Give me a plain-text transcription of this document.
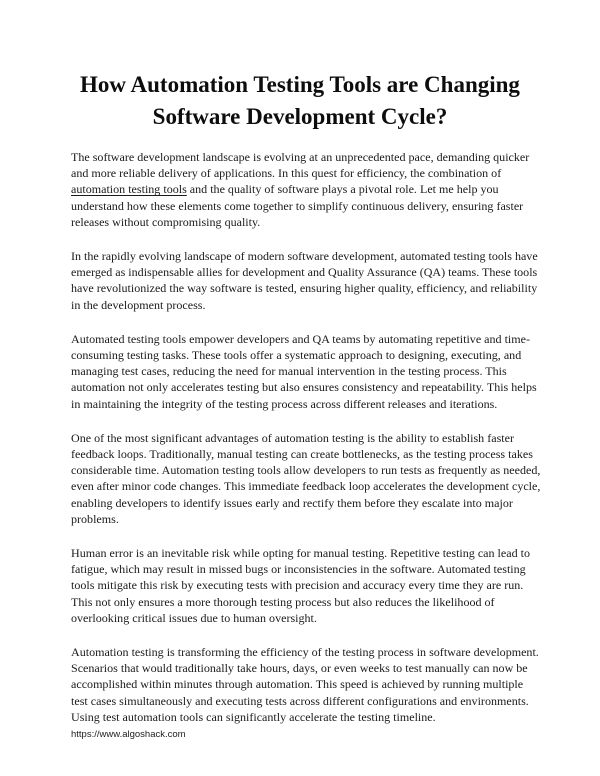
How Automation Testing Tools are Changing
Software Development Cycle?

The software development landscape is evolving at an unprecedented pace, demanding quicker
and more reliable delivery of applications. In this quest for efficiency, the combination of
automation testing tools and the quality of software plays a pivotal role. Let me help you
understand how these elements come together to simplify continuous delivery, ensuring faster
releases without compromising quality.

In the rapidly evolving landscape of modern software development, automated testing tools have
emerged as indispensable allies for development and Quality Assurance (QA) teams. These tools
have revolutionized the way software is tested, ensuring higher quality, efficiency, and reliability
in the development process.

Automated testing tools empower developers and QA teams by automating repetitive and time-
consuming testing tasks. These tools offer a systematic approach to designing, executing, and
managing test cases, reducing the need for manual intervention in the testing process. This
automation not only accelerates testing but also ensures consistency and repeatability. This helps
in maintaining the integrity of the testing process across different releases and iterations.

One of the most significant advantages of automation testing is the ability to establish faster
feedback loops. Traditionally, manual testing can create bottlenecks, as the testing process takes
considerable time. Automation testing tools allow developers to run tests as frequently as needed,
even after minor code changes. This immediate feedback loop accelerates the development cycle,
enabling developers to identify issues early and rectify them before they escalate into major
problems.

Human error is an inevitable risk while opting for manual testing. Repetitive testing can lead to
fatigue, which may result in missed bugs or inconsistencies in the software. Automated testing
tools mitigate this risk by executing tests with precision and accuracy every time they are run.
This not only ensures a more thorough testing process but also reduces the likelihood of
overlooking critical issues due to human oversight.

Automation testing is transforming the efficiency of the testing process in software development.
Scenarios that would traditionally take hours, days, or even weeks to test manually can now be
accomplished within minutes through automation. This speed is achieved by running multiple
test cases simultaneously and executing tests across different configurations and environments.
Using test automation tools can significantly accelerate the testing timeline.

https://www.algoshack.com
